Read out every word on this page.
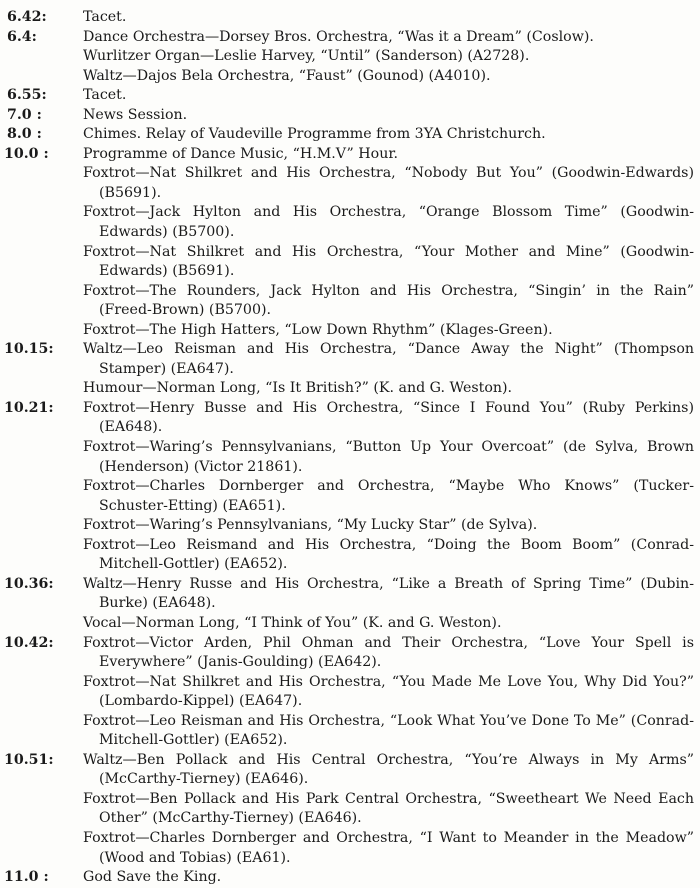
6.42:	Tacet.
6.4:	Dance Orchestra—Dorsey Bros. Orchestra, “Was it a Dream” (Coslow).
Wurlitzer Organ—Leslie Harvey, “Until” (Sanderson) (A2728).
Waltz—Dajos Bela Orchestra, “Faust” (Gounod) (A4010).
6.55:	Tacet.
7.0 :	News Session.
8.0 :	Chimes. Relay of Vaudeville Programme from 3YA Christchurch.
10.0 :	Programme of Dance Music, “H.M.V” Hour.
Foxtrot—Nat Shilkret and His Orchestra, “Nobody But You” (Goodwin-Edwards) (B5691).
Foxtrot—Jack Hylton and His Orchestra, “Orange Blossom Time” (Goodwin-Edwards) (B5700).
Foxtrot—Nat Shilkret and His Orchestra, “Your Mother and Mine” (Goodwin-Edwards) (B5691).
Foxtrot—The Rounders, Jack Hylton and His Orchestra, “Singin’ in the Rain” (Freed-Brown) (B5700).
Foxtrot—The High Hatters, “Low Down Rhythm” (Klages-Green).
10.15:	Waltz—Leo Reisman and His Orchestra, “Dance Away the Night” (Thompson Stamper) (EA647).
Humour—Norman Long, “Is It British?” (K. and G. Weston).
10.21:	Foxtrot—Henry Busse and His Orchestra, “Since I Found You” (Ruby Perkins) (EA648).
Foxtrot—Waring’s Pennsylvanians, “Button Up Your Overcoat” (de Sylva, Brown (Henderson) (Victor 21861).
Foxtrot—Charles Dornberger and Orchestra, “Maybe Who Knows” (Tucker-Schuster-Etting) (EA651).
Foxtrot—Waring’s Pennsylvanians, “My Lucky Star” (de Sylva).
Foxtrot—Leo Reismand and His Orchestra, “Doing the Boom Boom” (Conrad-Mitchell-Gottler) (EA652).
10.36:	Waltz—Henry Russe and His Orchestra, “Like a Breath of Spring Time” (Dubin-Burke) (EA648).
Vocal—Norman Long, “I Think of You” (K. and G. Weston).
10.42:	Foxtrot—Victor Arden, Phil Ohman and Their Orchestra, “Love Your Spell is Everywhere” (Janis-Goulding) (EA642).
Foxtrot—Nat Shilkret and His Orchestra, “You Made Me Love You, Why Did You?” (Lombardo-Kippel) (EA647).
Foxtrot—Leo Reisman and His Orchestra, “Look What You’ve Done To Me” (Conrad-Mitchell-Gottler) (EA652).
10.51:	Waltz—Ben Pollack and His Central Orchestra, “You’re Always in My Arms” (McCarthy-Tierney) (EA646).
Foxtrot—Ben Pollack and His Park Central Orchestra, “Sweetheart We Need Each Other” (McCarthy-Tierney) (EA646).
Foxtrot—Charles Dornberger and Orchestra, “I Want to Meander in the Meadow” (Wood and Tobias) (EA61).
11.0 :	God Save the King.
